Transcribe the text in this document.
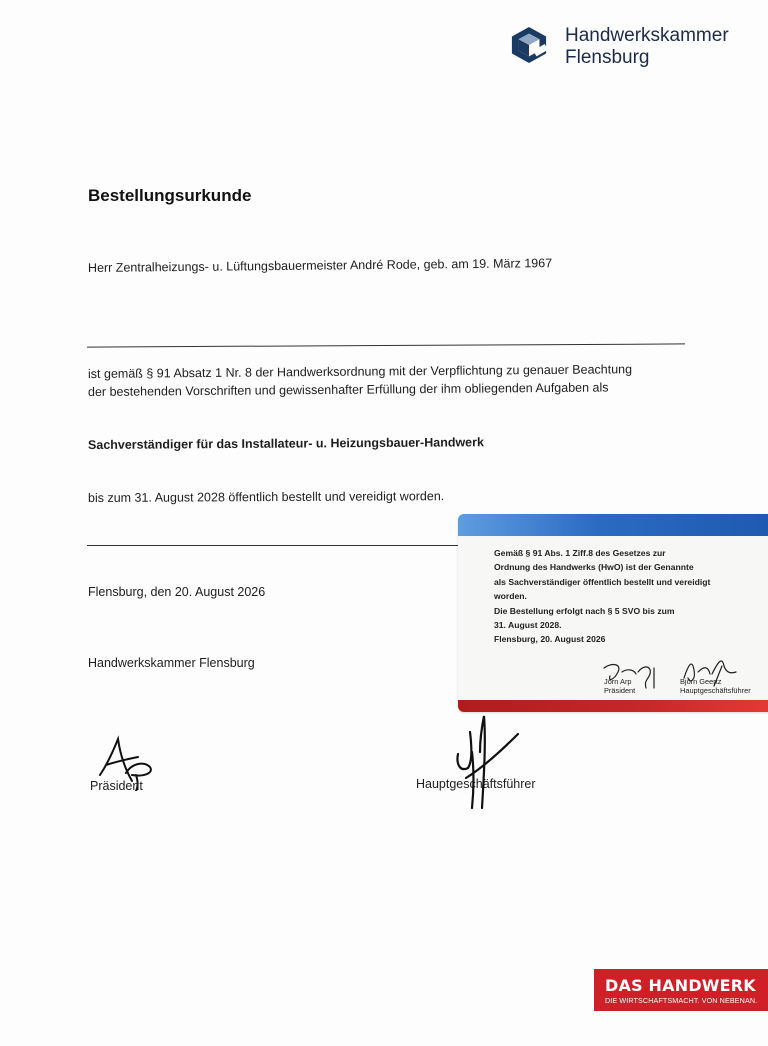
Handwerkskammer
Flensburg
Bestellungsurkunde
Herr Zentralheizungs- u. Lüftungsbauermeister André Rode, geb. am 19. März 1967
ist gemäß § 91 Absatz 1 Nr. 8 der Handwerksordnung mit der Verpflichtung zu genauer Beachtung
der bestehenden Vorschriften und gewissenhafter Erfüllung der ihm obliegenden Aufgaben als
Sachverständiger für das Installateur- u. Heizungsbauer-Handwerk
bis zum 31. August 2028 öffentlich bestellt und vereidigt worden.
Flensburg, den 20. August 2026
Handwerkskammer Flensburg
Präsident	Hauptgeschäftsführer
Gemäß § 91 Abs. 1 Ziff.8 des Gesetzes zur
Ordnung des Handwerks (HwO) ist der Genannte
als Sachverständiger öffentlich bestellt und vereidigt
worden.
Die Bestellung erfolgt nach § 5 SVO bis zum
31. August 2028.
Flensburg, 20. August 2026
Jörn Arp
Präsident
Björn Geertz
Hauptgeschäftsführer
DAS HANDWERK
DIE WIRTSCHAFTSMACHT. VON NEBENAN.
